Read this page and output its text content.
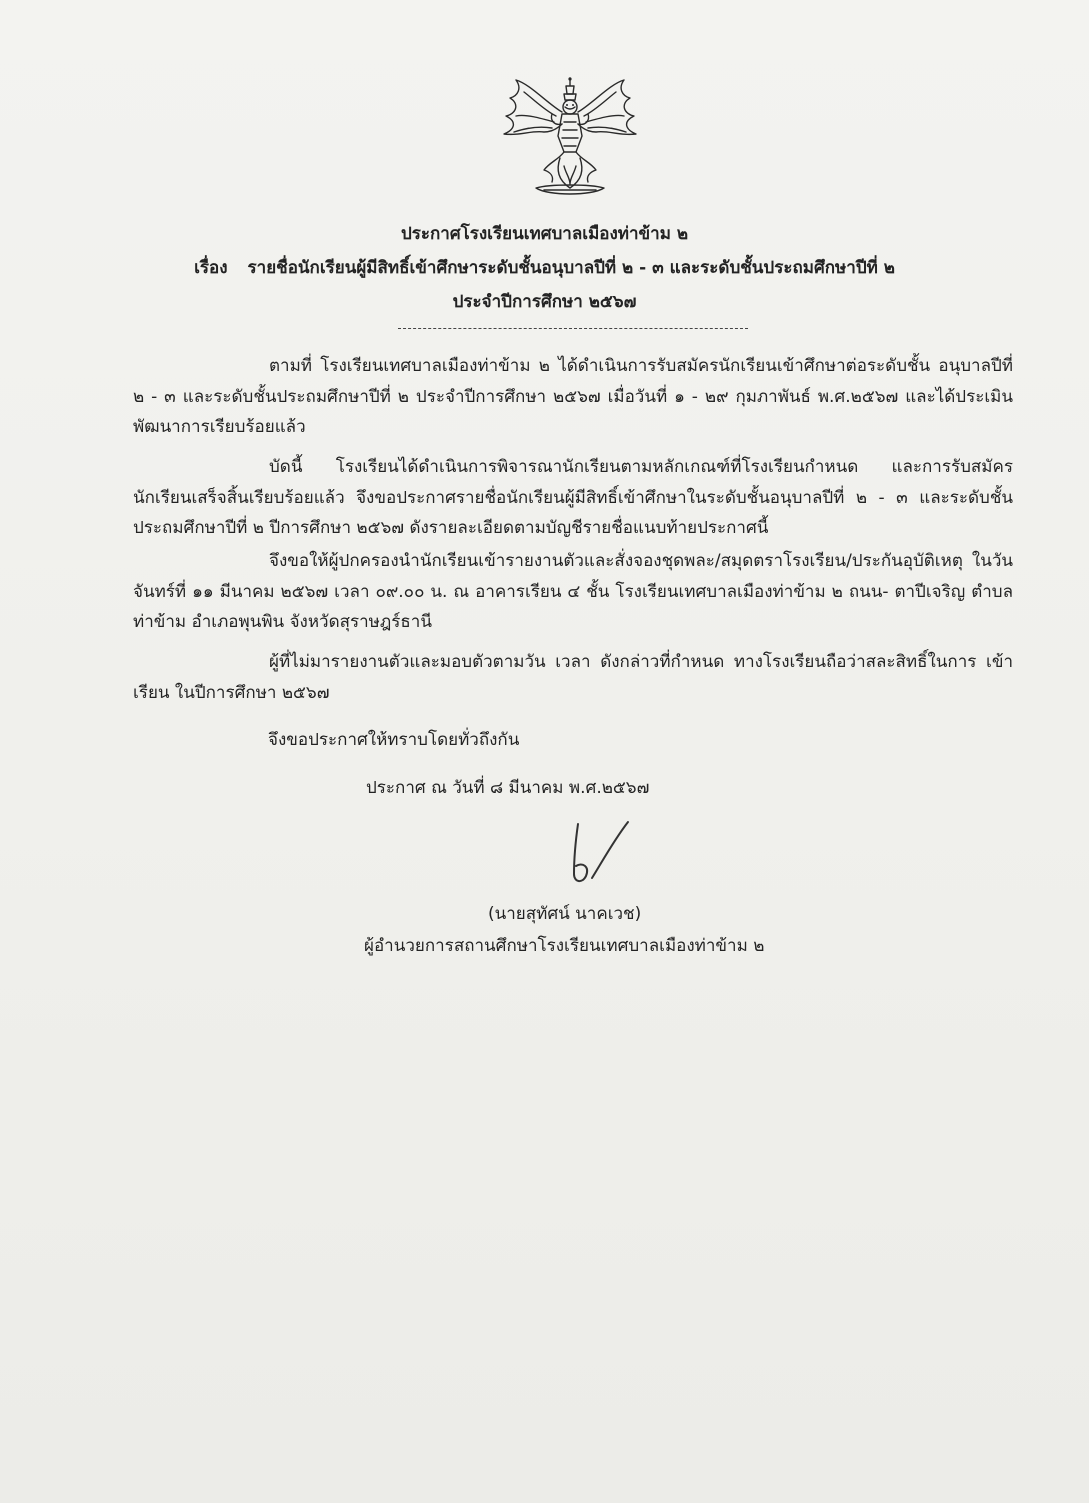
ประกาศโรงเรียนเทศบาลเมืองท่าข้าม ๒
เรื่อง รายชื่อนักเรียนผู้มีสิทธิ์เข้าศึกษาระดับชั้นอนุบาลปีที่ ๒ - ๓ และระดับชั้นประถมศึกษาปีที่ ๒
ประจำปีการศึกษา ๒๕๖๗

ตามที่ โรงเรียนเทศบาลเมืองท่าข้าม ๒ ได้ดำเนินการรับสมัครนักเรียนเข้าศึกษาต่อระดับชั้น อนุบาลปีที่ ๒ - ๓ และระดับชั้นประถมศึกษาปีที่ ๒ ประจำปีการศึกษา ๒๕๖๗ เมื่อวันที่ ๑ - ๒๙ กุมภาพันธ์ พ.ศ.๒๕๖๗ และได้ประเมินพัฒนาการเรียบร้อยแล้ว

บัดนี้ โรงเรียนได้ดำเนินการพิจารณานักเรียนตามหลักเกณฑ์ที่โรงเรียนกำหนด และการรับสมัคร นักเรียนเสร็จสิ้นเรียบร้อยแล้ว จึงขอประกาศรายชื่อนักเรียนผู้มีสิทธิ์เข้าศึกษาในระดับชั้นอนุบาลปีที่ ๒ - ๓ และระดับชั้นประถมศึกษาปีที่ ๒ ปีการศึกษา ๒๕๖๗ ดังรายละเอียดตามบัญชีรายชื่อแนบท้ายประกาศนี้

จึงขอให้ผู้ปกครองนำนักเรียนเข้ารายงานตัวและสั่งจองชุดพละ/สมุดตราโรงเรียน/ประกันอุบัติเหตุ ในวันจันทร์ที่ ๑๑ มีนาคม ๒๕๖๗ เวลา ๐๙.๐๐ น. ณ อาคารเรียน ๔ ชั้น โรงเรียนเทศบาลเมืองท่าข้าม ๒ ถนน- ตาปีเจริญ ตำบลท่าข้าม อำเภอพุนพิน จังหวัดสุราษฎร์ธานี

ผู้ที่ไม่มารายงานตัวและมอบตัวตามวัน เวลา ดังกล่าวที่กำหนด ทางโรงเรียนถือว่าสละสิทธิ์ในการ เข้าเรียน ในปีการศึกษา ๒๕๖๗

จึงขอประกาศให้ทราบโดยทั่วถึงกัน
ประกาศ ณ วันที่ ๘ มีนาคม พ.ศ.๒๕๖๗
(นายสุทัศน์ นาคเวช)
ผู้อำนวยการสถานศึกษาโรงเรียนเทศบาลเมืองท่าข้าม ๒
